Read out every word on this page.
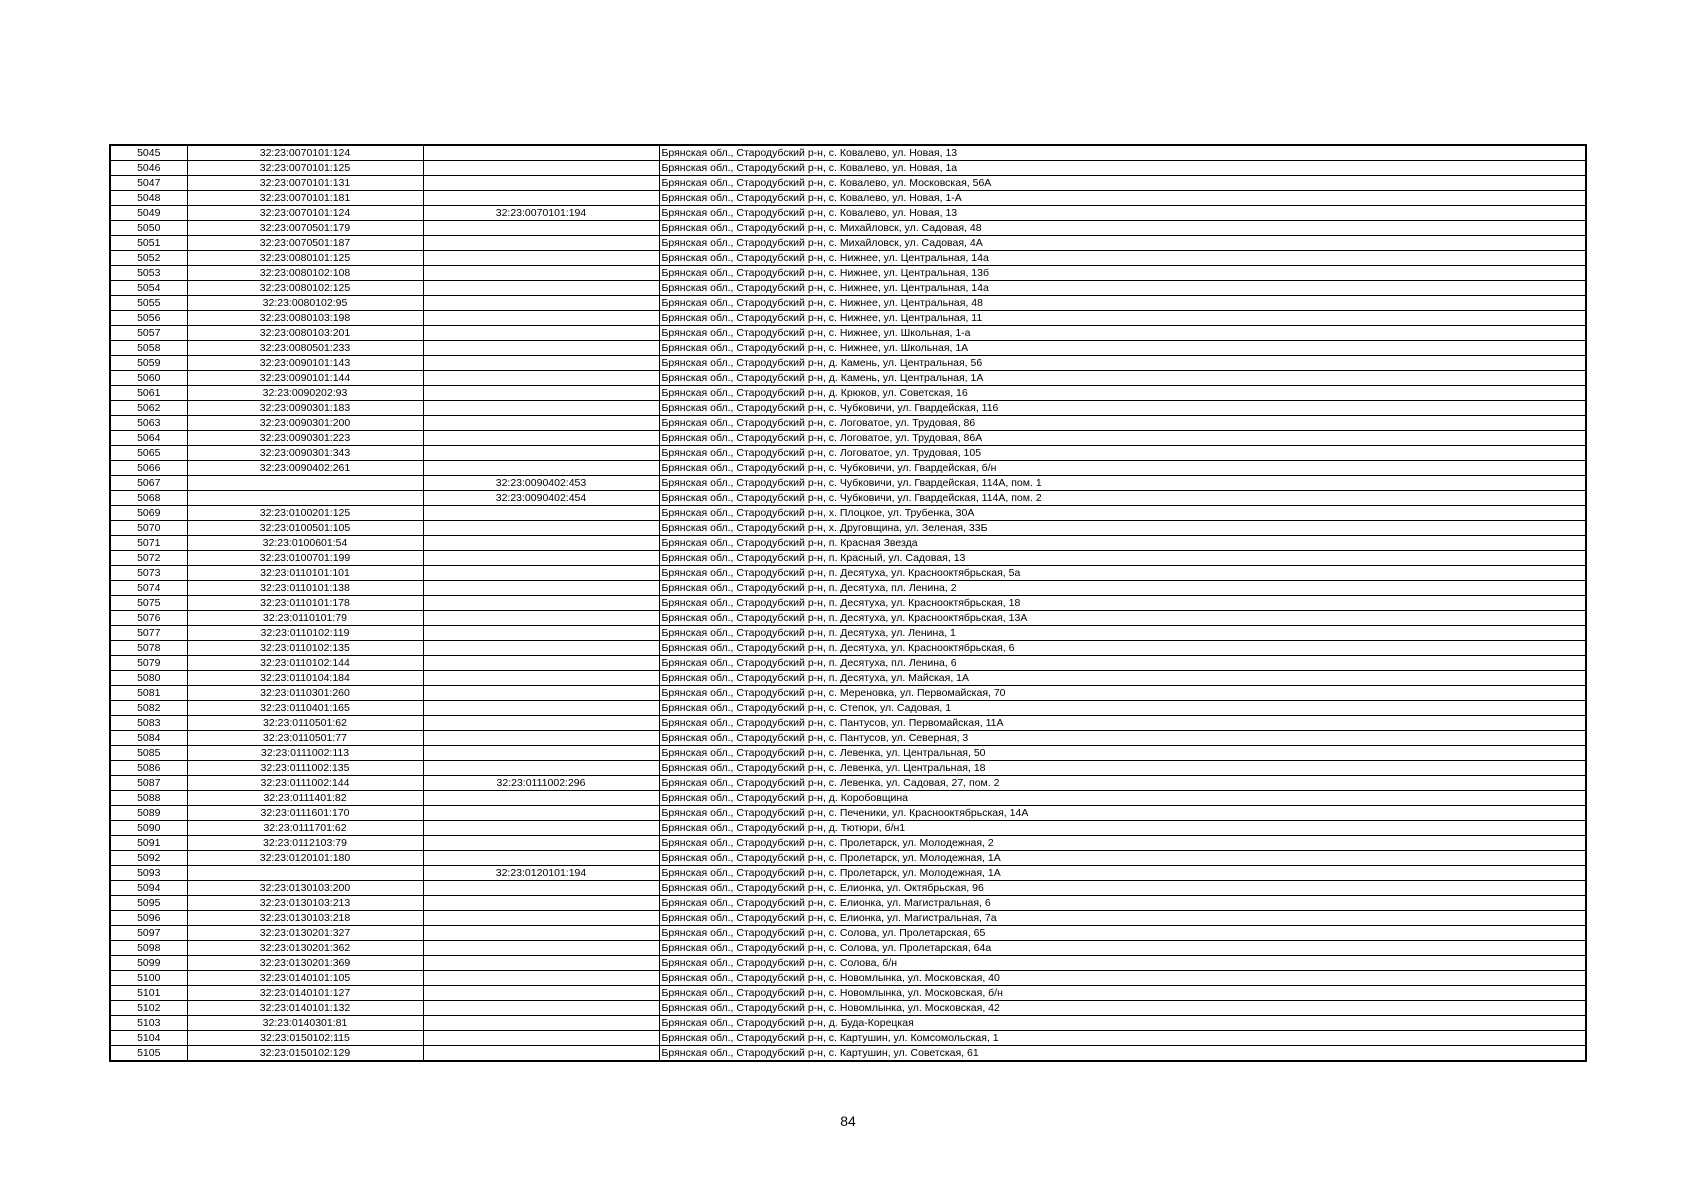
5045	32:23:0070101:124		Брянская обл., Стародубский р-н, с. Ковалево, ул. Новая, 13
5046	32:23:0070101:125		Брянская обл., Стародубский р-н, с. Ковалево, ул. Новая, 1а
5047	32:23:0070101:131		Брянская обл., Стародубский р-н, с. Ковалево, ул. Московская, 56А
5048	32:23:0070101:181		Брянская обл., Стародубский р-н, с. Ковалево, ул. Новая, 1-А
5049	32:23:0070101:124	32:23:0070101:194	Брянская обл., Стародубский р-н, с. Ковалево, ул. Новая, 13
5050	32:23:0070501:179		Брянская обл., Стародубский р-н, с. Михайловск, ул. Садовая, 48
5051	32:23:0070501:187		Брянская обл., Стародубский р-н, с. Михайловск, ул. Садовая, 4А
5052	32:23:0080101:125		Брянская обл., Стародубский р-н, с. Нижнее, ул. Центральная, 14а
5053	32:23:0080102:108		Брянская обл., Стародубский р-н, с. Нижнее, ул. Центральная, 13б
5054	32:23:0080102:125		Брянская обл., Стародубский р-н, с. Нижнее, ул. Центральная, 14а
5055	32:23:0080102:95		Брянская обл., Стародубский р-н, с. Нижнее, ул. Центральная, 48
5056	32:23:0080103:198		Брянская обл., Стародубский р-н, с. Нижнее, ул. Центральная, 11
5057	32:23:0080103:201		Брянская обл., Стародубский р-н, с. Нижнее, ул. Школьная, 1-а
5058	32:23:0080501:233		Брянская обл., Стародубский р-н, с. Нижнее, ул. Школьная, 1А
5059	32:23:0090101:143		Брянская обл., Стародубский р-н, д. Камень, ул. Центральная, 56
5060	32:23:0090101:144		Брянская обл., Стародубский р-н, д. Камень, ул. Центральная, 1А
5061	32:23:0090202:93		Брянская обл., Стародубский р-н, д. Крюков, ул. Советская, 16
5062	32:23:0090301:183		Брянская обл., Стародубский р-н, с. Чубковичи, ул. Гвардейская, 116
5063	32:23:0090301:200		Брянская обл., Стародубский р-н, с. Логоватое, ул. Трудовая, 86
5064	32:23:0090301:223		Брянская обл., Стародубский р-н, с. Логоватое, ул. Трудовая, 86А
5065	32:23:0090301:343		Брянская обл., Стародубский р-н, с. Логоватое, ул. Трудовая, 105
5066	32:23:0090402:261		Брянская обл., Стародубский р-н, с. Чубковичи, ул. Гвардейская, б/н
5067		32:23:0090402:453	Брянская обл., Стародубский р-н, с. Чубковичи, ул. Гвардейская, 114А, пом. 1
5068		32:23:0090402:454	Брянская обл., Стародубский р-н, с. Чубковичи, ул. Гвардейская, 114А, пом. 2
5069	32:23:0100201:125		Брянская обл., Стародубский р-н, х. Плоцкое, ул. Трубенка, 30А
5070	32:23:0100501:105		Брянская обл., Стародубский р-н, х. Друговщина, ул. Зеленая, 33Б
5071	32:23:0100601:54		Брянская обл., Стародубский р-н, п. Красная Звезда
5072	32:23:0100701:199		Брянская обл., Стародубский р-н, п. Красный, ул. Садовая, 13
5073	32:23:0110101:101		Брянская обл., Стародубский р-н, п. Десятуха, ул. Краснооктябрьская, 5а
5074	32:23:0110101:138		Брянская обл., Стародубский р-н, п. Десятуха, пл. Ленина, 2
5075	32:23:0110101:178		Брянская обл., Стародубский р-н, п. Десятуха, ул. Краснооктябрьская, 18
5076	32:23:0110101:79		Брянская обл., Стародубский р-н, п. Десятуха, ул. Краснооктябрьская, 13А
5077	32:23:0110102:119		Брянская обл., Стародубский р-н, п. Десятуха, ул. Ленина, 1
5078	32:23:0110102:135		Брянская обл., Стародубский р-н, п. Десятуха, ул. Краснооктябрьская, 6
5079	32:23:0110102:144		Брянская обл., Стародубский р-н, п. Десятуха, пл. Ленина, 6
5080	32:23:0110104:184		Брянская обл., Стародубский р-н, п. Десятуха, ул. Майская, 1А
5081	32:23:0110301:260		Брянская обл., Стародубский р-н, с. Мереновка, ул. Первомайская, 70
5082	32:23:0110401:165		Брянская обл., Стародубский р-н, с. Степок, ул. Садовая, 1
5083	32:23:0110501:62		Брянская обл., Стародубский р-н, с. Пантусов, ул. Первомайская, 11А
5084	32:23:0110501:77		Брянская обл., Стародубский р-н, с. Пантусов, ул. Северная, 3
5085	32:23:0111002:113		Брянская обл., Стародубский р-н, с. Левенка, ул. Центральная, 50
5086	32:23:0111002:135		Брянская обл., Стародубский р-н, с. Левенка, ул. Центральная, 18
5087	32:23:0111002:144	32:23:0111002:296	Брянская обл., Стародубский р-н, с. Левенка, ул. Садовая, 27, пом. 2
5088	32:23:0111401:82		Брянская обл., Стародубский р-н, д. Коробовщина
5089	32:23:0111601:170		Брянская обл., Стародубский р-н, с. Печеники, ул. Краснооктябрьская, 14А
5090	32:23:0111701:62		Брянская обл., Стародубский р-н, д. Тютюри, б/н1
5091	32:23:0112103:79		Брянская обл., Стародубский р-н, с. Пролетарск, ул. Молодежная, 2
5092	32:23:0120101:180		Брянская обл., Стародубский р-н, с. Пролетарск, ул. Молодежная, 1А
5093		32:23:0120101:194	Брянская обл., Стародубский р-н, с. Пролетарск, ул. Молодежная, 1А
5094	32:23:0130103:200		Брянская обл., Стародубский р-н, с. Елионка, ул. Октябрьская, 96
5095	32:23:0130103:213		Брянская обл., Стародубский р-н, с. Елионка, ул. Магистральная, 6
5096	32:23:0130103:218		Брянская обл., Стародубский р-н, с. Елионка, ул. Магистральная, 7а
5097	32:23:0130201:327		Брянская обл., Стародубский р-н, с. Солова, ул. Пролетарская, 65
5098	32:23:0130201:362		Брянская обл., Стародубский р-н, с. Солова, ул. Пролетарская, 64а
5099	32:23:0130201:369		Брянская обл., Стародубский р-н, с. Солова, б/н
5100	32:23:0140101:105		Брянская обл., Стародубский р-н, с. Новомлынка, ул. Московская, 40
5101	32:23:0140101:127		Брянская обл., Стародубский р-н, с. Новомлынка, ул. Московская, б/н
5102	32:23:0140101:132		Брянская обл., Стародубский р-н, с. Новомлынка, ул. Московская, 42
5103	32:23:0140301:81		Брянская обл., Стародубский р-н, д. Буда-Корецкая
5104	32:23:0150102:115		Брянская обл., Стародубский р-н, с. Картушин, ул. Комсомольская, 1
5105	32:23:0150102:129		Брянская обл., Стародубский р-н, с. Картушин, ул. Советская, 61
84
